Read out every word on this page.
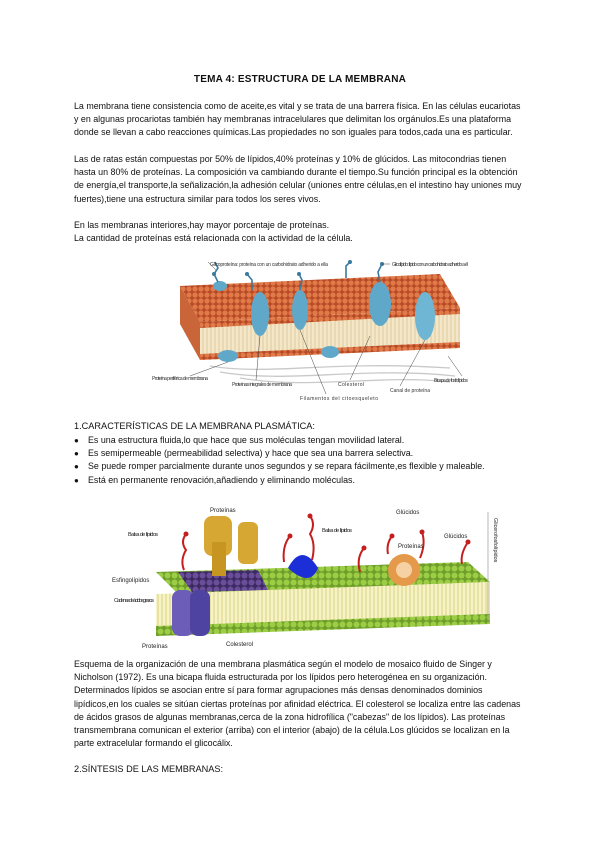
TEMA 4: ESTRUCTURA DE LA MEMBRANA

La membrana tiene consistencia como de aceite,es vital y se trata de una barrera física. En las células eucariotas y en algunas procariotas también hay membranas intracelulares que delimitan los orgánulos.Es una plataforma donde se llevan a cabo reacciones químicas.Las propiedades no son iguales para todos,cada una es particular.

Las de ratas están compuestas por 50% de lípidos,40% proteínas y 10% de glúcidos. Las mitocondrias tienen hasta un 80% de proteínas. La composición va cambiando durante el tiempo.Su función principal es la obtención de energía,el transporte,la señalización,la adhesión celular (uniones entre células,en el intestino hay uniones muy fuertes),tiene una estructura similar para todos los seres vivos.

En las membranas interiores,hay mayor porcentaje de proteínas.

La cantidad de proteínas está relacionada con la actividad de la célula.

Glicoproteína: proteína con un carbohidrato adherido a ella	Glicolípido: lípido con un carbohidrato adherido a él
Proteína periférica de membrana
Proteínas integrales de membrana
Filamentos del citoesqueleto
Colesterol
Canal de proteína
Bicapa de fosfolípidos
1.CARACTERÍSTICAS DE LA MEMBRANA PLASMÁTICA:
● Es una estructura fluida,lo que hace que sus moléculas tengan movilidad lateral.
● Es semipermeable (permeabilidad selectiva) y hace que sea una barrera selectiva.
● Se puede romper parcialmente durante unos segundos y se repara fácilmente,es flexible y maleable.
● Está en permanente renovación,añadiendo y eliminando moléculas.
Proteínas
Balsa de lípidos
Balsa de lípidos
Glúcidos
Glúcidos
Proteínas
Esfingolípidos
Cadenas de ácidos grasos
Colesterol
Proteínas
Glicerofosfolípidos

Esquema de la organización de una membrana plasmática según el modelo de mosaico fluido de Singer y Nicholson (1972). Es una bicapa fluida estructurada por los lípidos pero heterogénea en su organización. Determinados lípidos se asocian entre sí para formar agrupaciones más densas denominados dominios lipídicos,en los cuales se sitúan ciertas proteínas por afinidad eléctrica. El colesterol se localiza entre las cadenas de ácidos grasos de algunas membranas,cerca de la zona hidrofílica ("cabezas" de los lípidos). Las proteínas transmembrana comunican el exterior (arriba) con el interior (abajo) de la célula.Los glúcidos se localizan en la parte extracelular formando el glicocálix.

2.SÍNTESIS DE LAS MEMBRANAS:
